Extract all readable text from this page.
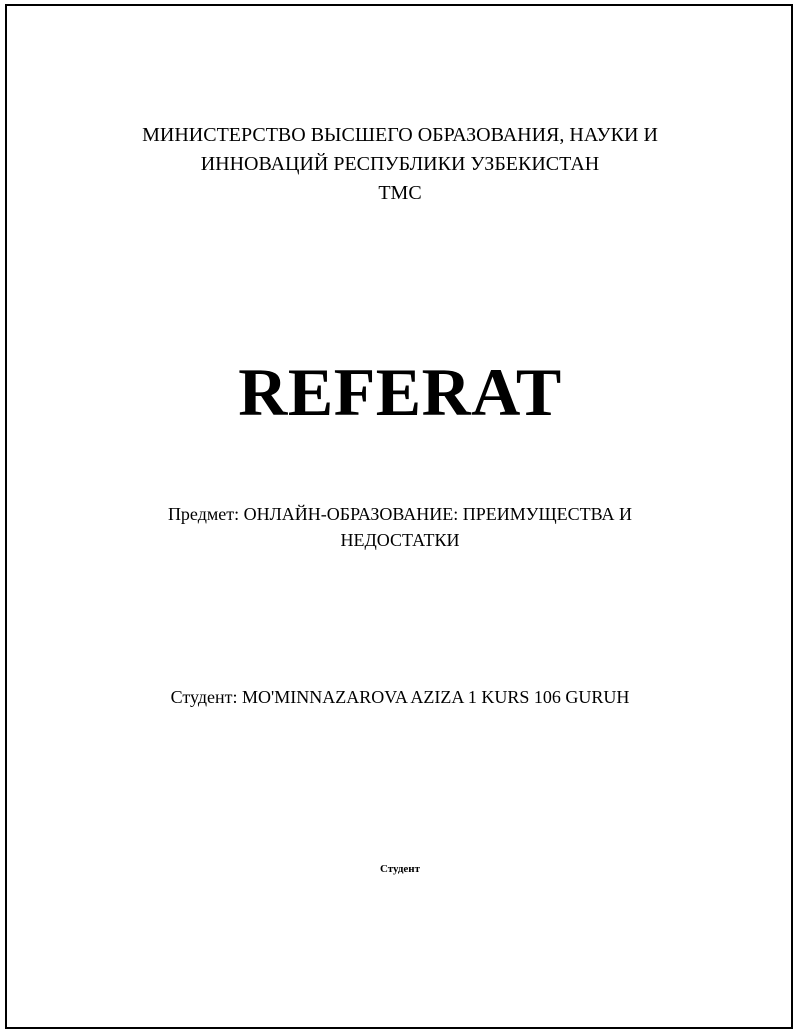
МИНИСТЕРСТВО ВЫСШЕГО ОБРАЗОВАНИЯ, НАУКИ И
ИННОВАЦИЙ РЕСПУБЛИКИ УЗБЕКИСТАН
TMC
REFERAT
Предмет: ОНЛАЙН-ОБРАЗОВАНИЕ: ПРЕИМУЩЕСТВА И
НЕДОСТАТКИ
Студент: MO'MINNAZAROVA AZIZA 1 KURS 106 GURUH
Студент
